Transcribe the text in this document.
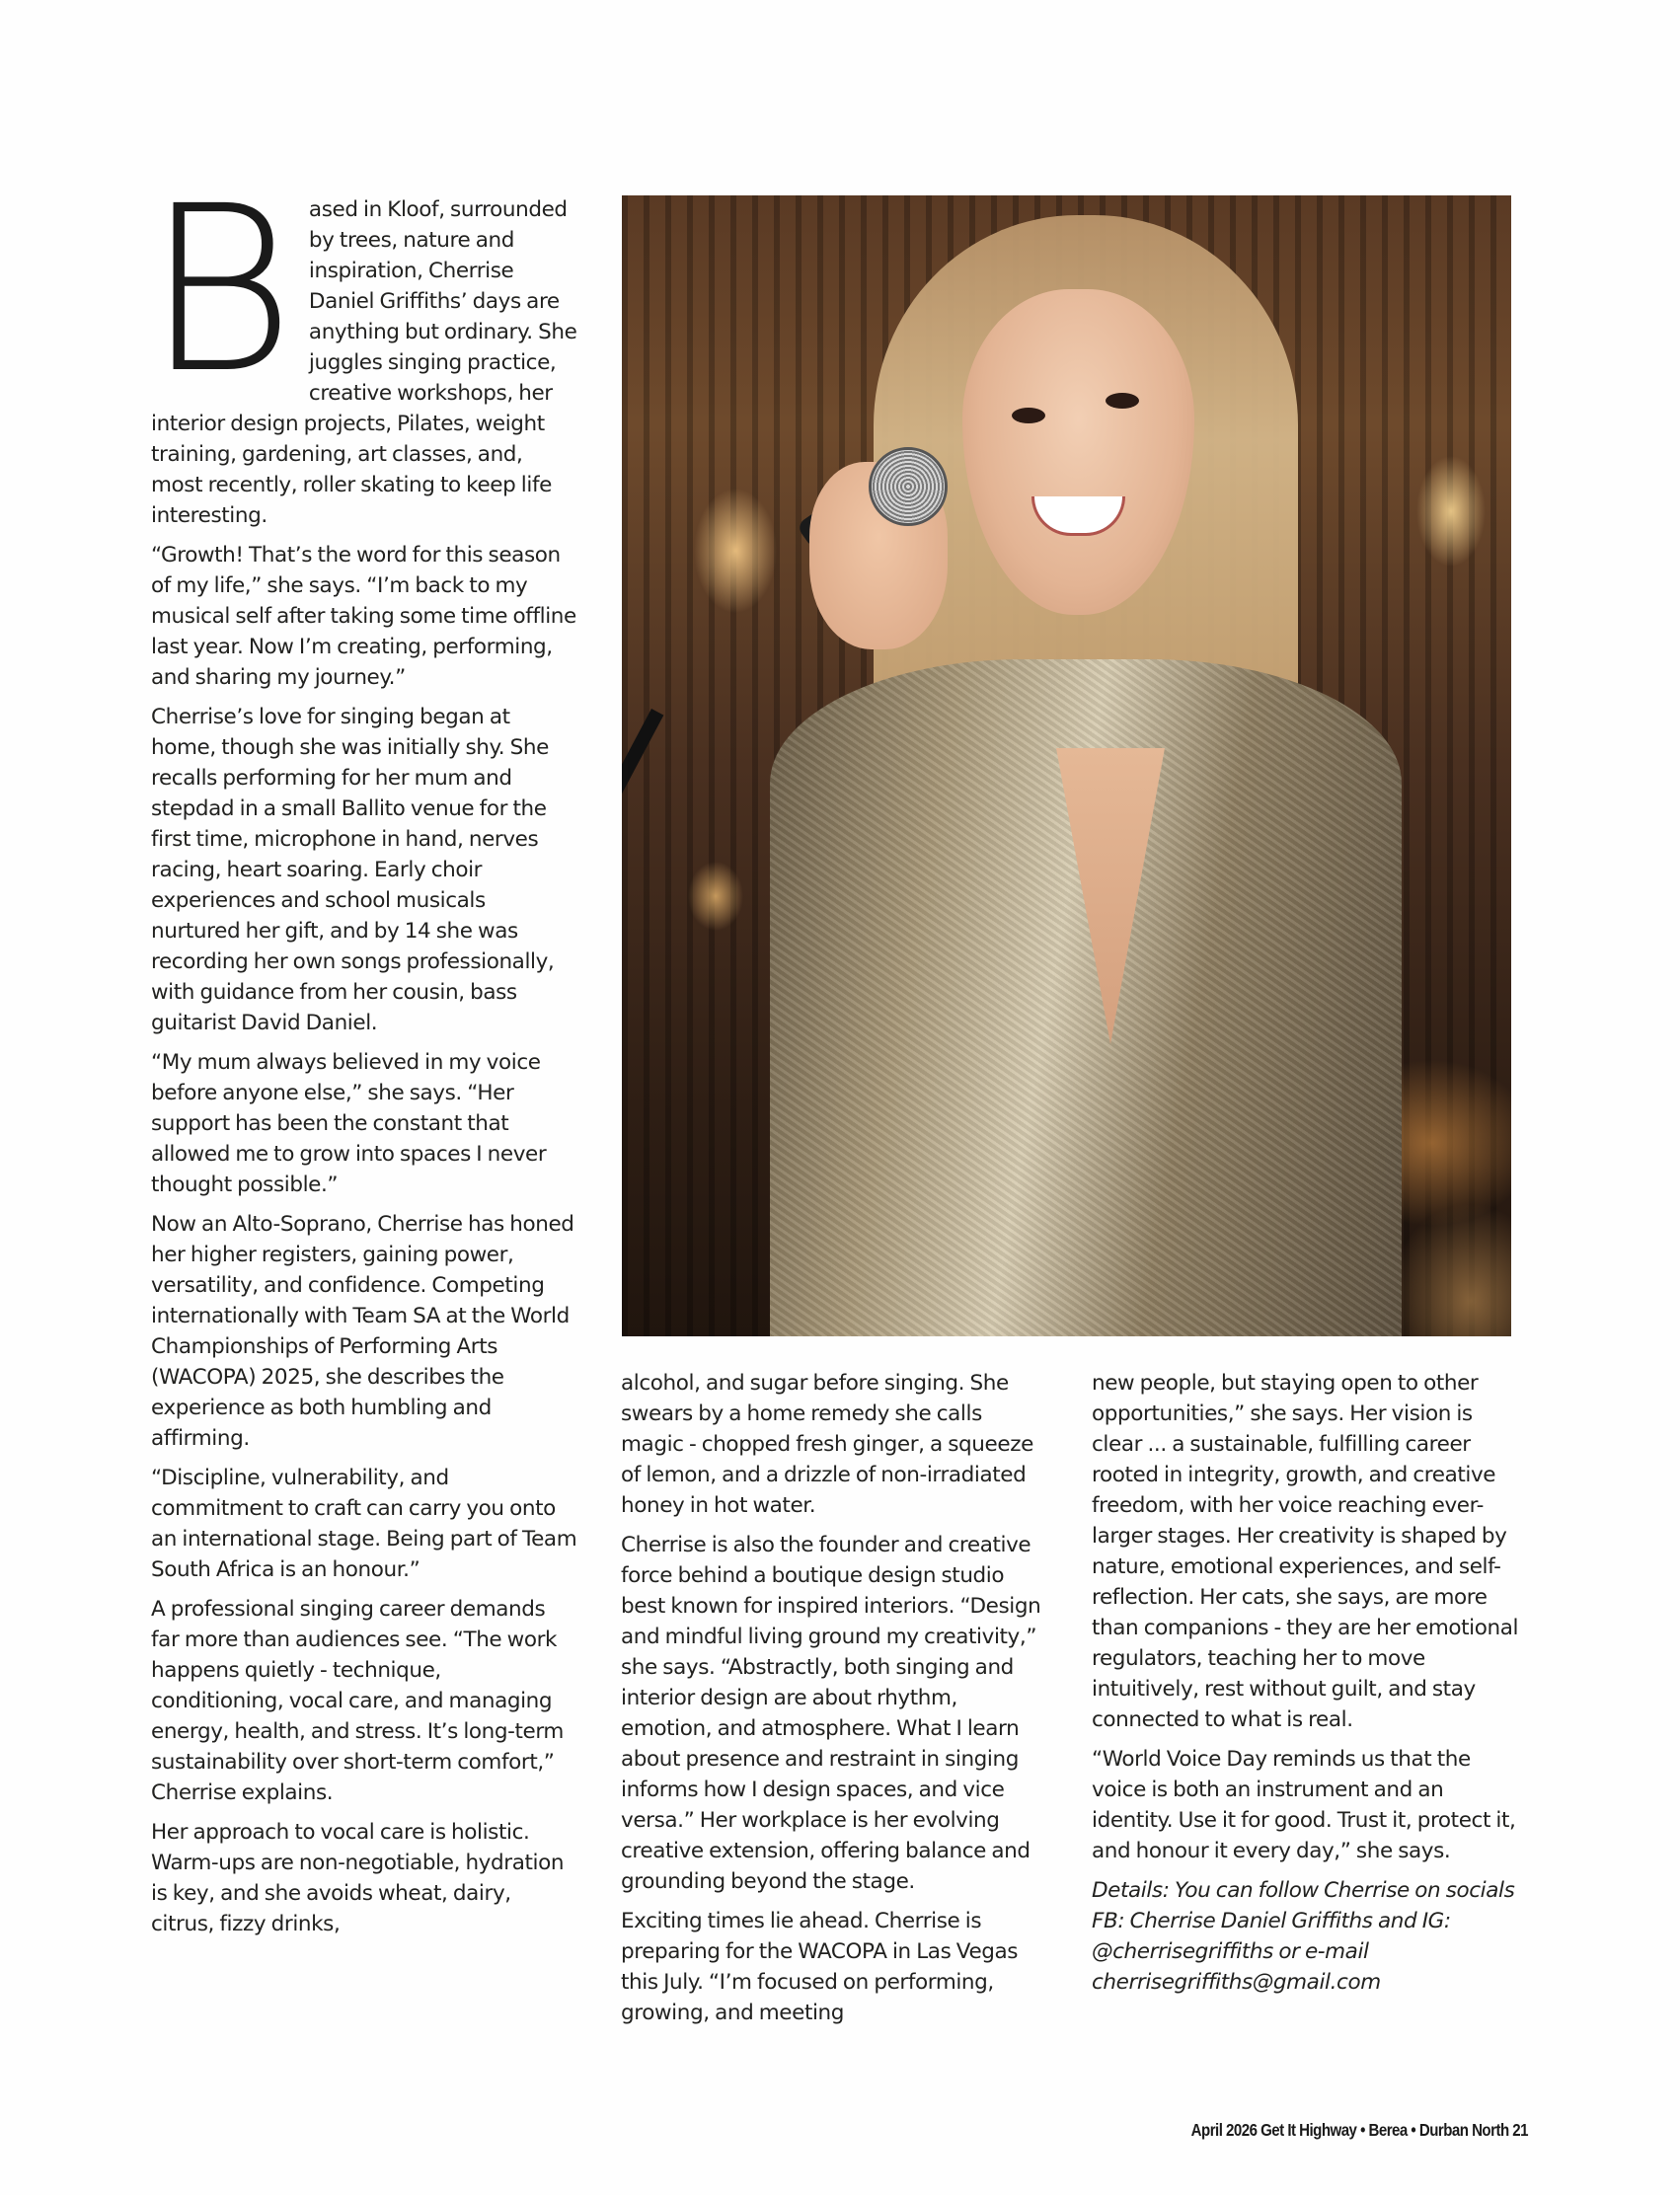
Based in Kloof, surrounded by trees, nature and inspiration, Cherrise Daniel Griffiths’ days are anything but ordinary. She juggles singing practice, creative workshops, her interior design projects, Pilates, weight training, gardening, art classes, and, most recently, roller skating to keep life interesting.

“Growth! That’s the word for this season of my life,” she says. “I’m back to my musical self after taking some time offline last year. Now I’m creating, performing, and sharing my journey.”

Cherrise’s love for singing began at home, though she was initially shy. She recalls performing for her mum and stepdad in a small Ballito venue for the first time, microphone in hand, nerves racing, heart soaring. Early choir experiences and school musicals nurtured her gift, and by 14 she was recording her own songs professionally, with guidance from her cousin, bass guitarist David Daniel.

“My mum always believed in my voice before anyone else,” she says. “Her support has been the constant that allowed me to grow into spaces I never thought possible.”

Now an Alto-Soprano, Cherrise has honed her higher registers, gaining power, versatility, and confidence. Competing internationally with Team SA at the World Championships of Performing Arts (WACOPA) 2025, she describes the experience as both humbling and affirming.

“Discipline, vulnerability, and commitment to craft can carry you onto an international stage. Being part of Team South Africa is an honour.”

A professional singing career demands far more than audiences see. “The work happens quietly - technique, conditioning, vocal care, and managing energy, health, and stress. It’s long-term sustainability over short-term comfort,” Cherrise explains.

Her approach to vocal care is holistic. Warm-ups are non-negotiable, hydration is key, and she avoids wheat, dairy, citrus, fizzy drinks,

alcohol, and sugar before singing. She swears by a home remedy she calls magic - chopped fresh ginger, a squeeze of lemon, and a drizzle of non-irradiated honey in hot water.

Cherrise is also the founder and creative force behind a boutique design studio best known for inspired interiors. “Design and mindful living ground my creativity,” she says. “Abstractly, both singing and interior design are about rhythm, emotion, and atmosphere. What I learn about presence and restraint in singing informs how I design spaces, and vice versa.” Her workplace is her evolving creative extension, offering balance and grounding beyond the stage.

Exciting times lie ahead. Cherrise is preparing for the WACOPA in Las Vegas this July. “I’m focused on performing, growing, and meeting

new people, but staying open to other opportunities,” she says. Her vision is clear ... a sustainable, fulfilling career rooted in integrity, growth, and creative freedom, with her voice reaching ever-larger stages. Her creativity is shaped by nature, emotional experiences, and self-reflection. Her cats, she says, are more than companions - they are her emotional regulators, teaching her to move intuitively, rest without guilt, and stay connected to what is real.

“World Voice Day reminds us that the voice is both an instrument and an identity. Use it for good. Trust it, protect it, and honour it every day,” she says.

Details: You can follow Cherrise on socials FB: Cherrise Daniel Griffiths and IG: @cherrisegriffiths or e-mail cherrisegriffiths@gmail.com

April 2026 Get It Highway • Berea • Durban North 21
